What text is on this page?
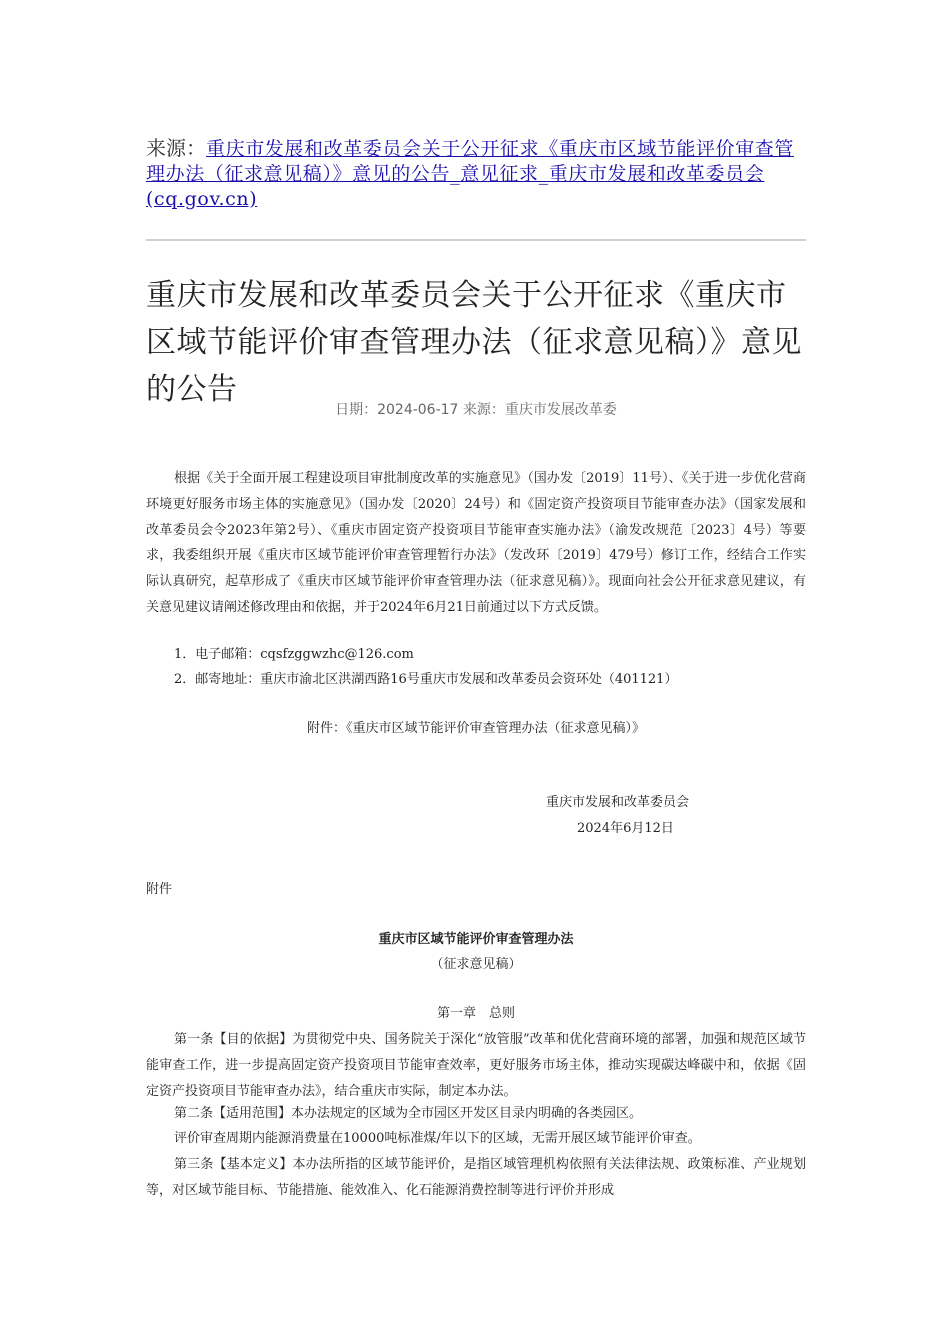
来源：重庆市发展和改革委员会关于公开征求《重庆市区域节能评价审查管理办法（征求意见稿）》意见的公告_意见征求_重庆市发展和改革委员会(cq.gov.cn)
重庆市发展和改革委员会关于公开征求《重庆市区域节能评价审查管理办法（征求意见稿）》意见的公告
日期：2024-06-17 来源：重庆市发展改革委

根据《关于全面开展工程建设项目审批制度改革的实施意见》（国办发〔2019〕11号）、《关于进一步优化营商环境更好服务市场主体的实施意见》（国办发〔2020〕24号）和《固定资产投资项目节能审查办法》（国家发展和改革委员会令2023年第2号）、《重庆市固定资产投资项目节能审查实施办法》（渝发改规范〔2023〕4号）等要求，我委组织开展《重庆市区域节能评价审查管理暂行办法》（发改环〔2019〕479号）修订工作，经结合工作实际认真研究，起草形成了《重庆市区域节能评价审查管理办法（征求意见稿）》。现面向社会公开征求意见建议，有关意见建议请阐述修改理由和依据，并于2024年6月21日前通过以下方式反馈。

1．电子邮箱：cqsfzggwzhc@126.com
2．邮寄地址：重庆市渝北区洪湖西路16号重庆市发展和改革委员会资环处（401121）
附件：《重庆市区域节能评价审查管理办法（征求意见稿）》
重庆市发展和改革委员会
2024年6月12日
附件
重庆市区域节能评价审查管理办法
（征求意见稿）
第一章　总则

第一条【目的依据】为贯彻党中央、国务院关于深化“放管服”改革和优化营商环境的部署，加强和规范区域节能审查工作，进一步提高固定资产投资项目节能审查效率，更好服务市场主体，推动实现碳达峰碳中和，依据《固定资产投资项目节能审查办法》，结合重庆市实际，制定本办法。

第二条【适用范围】本办法规定的区域为全市园区开发区目录内明确的各类园区。

评价审查周期内能源消费量在10000吨标准煤/年以下的区域，无需开展区域节能评价审查。

第三条【基本定义】本办法所指的区域节能评价，是指区域管理机构依照有关法律法规、政策标准、产业规划等，对区域节能目标、节能措施、能效准入、化石能源消费控制等进行评价并形成
